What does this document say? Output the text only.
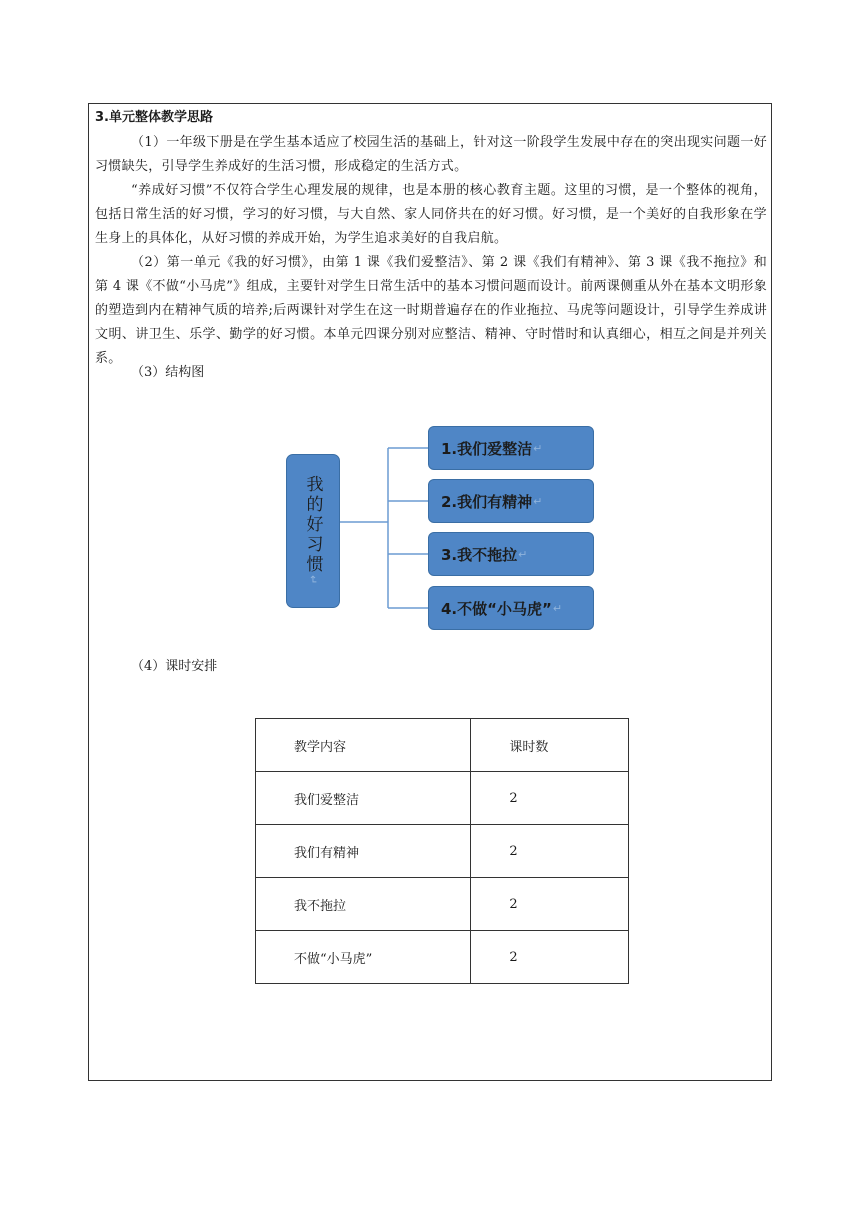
3.单元整体教学思路

（1）一年级下册是在学生基本适应了校园生活的基础上，针对这一阶段学生发展中存在的突出现实问题一好习惯缺失，引导学生养成好的生活习惯，形成稳定的生活方式。

“养成好习惯”不仅符合学生心理发展的规律，也是本册的核心教育主题。这里的习惯，是一个整体的视角，包括日常生活的好习惯，学习的好习惯，与大自然、家人同侪共在的好习惯。好习惯，是一个美好的自我形象在学生身上的具体化，从好习惯的养成开始，为学生追求美好的自我启航。

（2）第一单元《我的好习惯》，由第 1 课《我们爱整洁》、第 2 课《我们有精神》、第 3 课《我不拖拉》和第 4 课《不做“小马虎”》组成，主要针对学生日常生活中的基本习惯问题而设计。前两课侧重从外在基本文明形象的塑造到内在精神气质的培养;后两课针对学生在这一时期普遍存在的作业拖拉、马虎等问题设计，引导学生养成讲文明、讲卫生、乐学、勤学的好习惯。本单元四课分别对应整洁、精神、守时惜时和认真细心，相互之间是并列关系。

（3）结构图

我的好习惯↵
1.我们爱整洁 ↵
2.我们有精神 ↵
3.我不拖拉 ↵
4.不做“小马虎” ↵

（4）课时安排

教学内容	课时数
我们爱整洁	2
我们有精神	2
我不拖拉	2
不做“小马虎”	2
